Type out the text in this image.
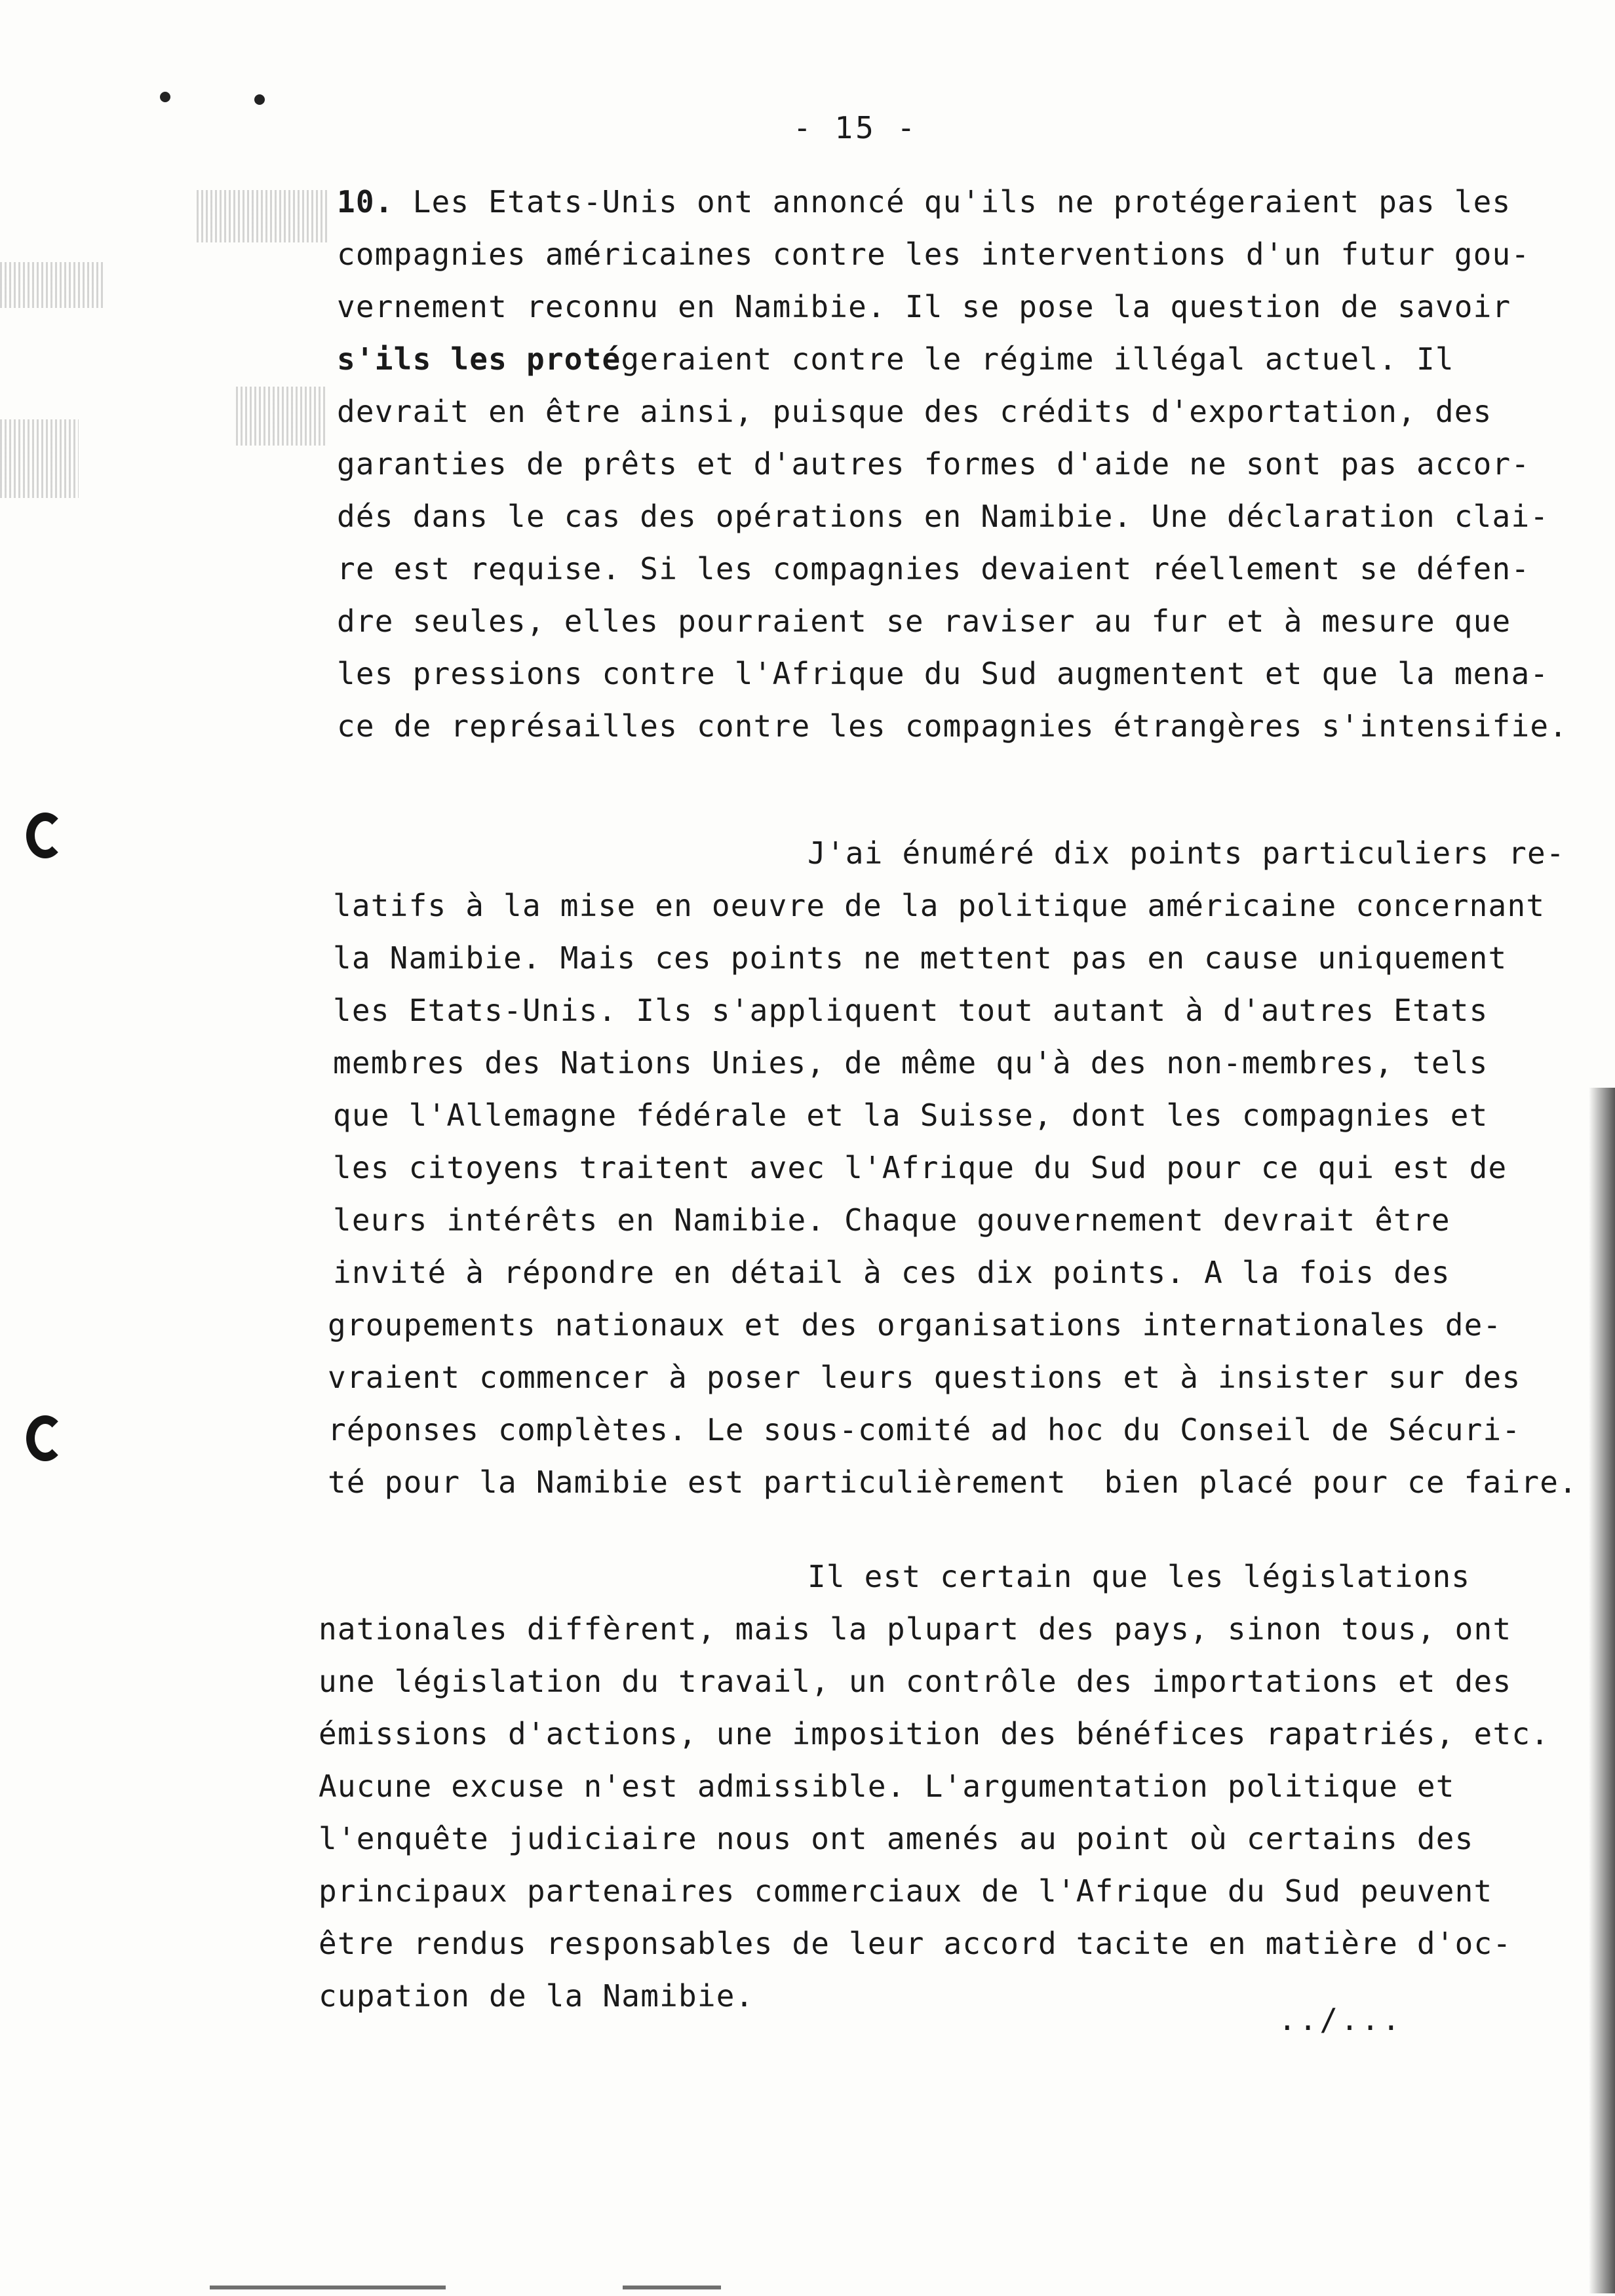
- 15 -
10. Les Etats-Unis ont annoncé qu'ils ne protégeraient pas les
compagnies américaines contre les interventions d'un futur gou-
vernement reconnu en Namibie. Il se pose la question de savoir
s'ils les protégeraient contre le régime illégal actuel. Il
devrait en être ainsi, puisque des crédits d'exportation, des
garanties de prêts et d'autres formes d'aide ne sont pas accor-
dés dans le cas des opérations en Namibie. Une déclaration clai-
re est requise. Si les compagnies devaient réellement se défen-
dre seules, elles pourraient se raviser au fur et à mesure que
les pressions contre l'Afrique du Sud augmentent et que la mena-
ce de représailles contre les compagnies étrangères s'intensifie.
J'ai énuméré dix points particuliers re-
latifs à la mise en oeuvre de la politique américaine concernant
la Namibie. Mais ces points ne mettent pas en cause uniquement
les Etats-Unis. Ils s'appliquent tout autant à d'autres Etats
membres des Nations Unies, de même qu'à des non-membres, tels
que l'Allemagne fédérale et la Suisse, dont les compagnies et
les citoyens traitent avec l'Afrique du Sud pour ce qui est de
leurs intérêts en Namibie. Chaque gouvernement devrait être
invité à répondre en détail à ces dix points. A la fois des
groupements nationaux et des organisations internationales de-
vraient commencer à poser leurs questions et à insister sur des
réponses complètes. Le sous-comité ad hoc du Conseil de Sécuri-
té pour la Namibie est particulièrement  bien placé pour ce faire.
Il est certain que les législations
nationales diffèrent, mais la plupart des pays, sinon tous, ont
une législation du travail, un contrôle des importations et des
émissions d'actions, une imposition des bénéfices rapatriés, etc.
Aucune excuse n'est admissible. L'argumentation politique et
l'enquête judiciaire nous ont amenés au point où certains des
principaux partenaires commerciaux de l'Afrique du Sud peuvent
être rendus responsables de leur accord tacite en matière d'oc-
cupation de la Namibie.
../...
